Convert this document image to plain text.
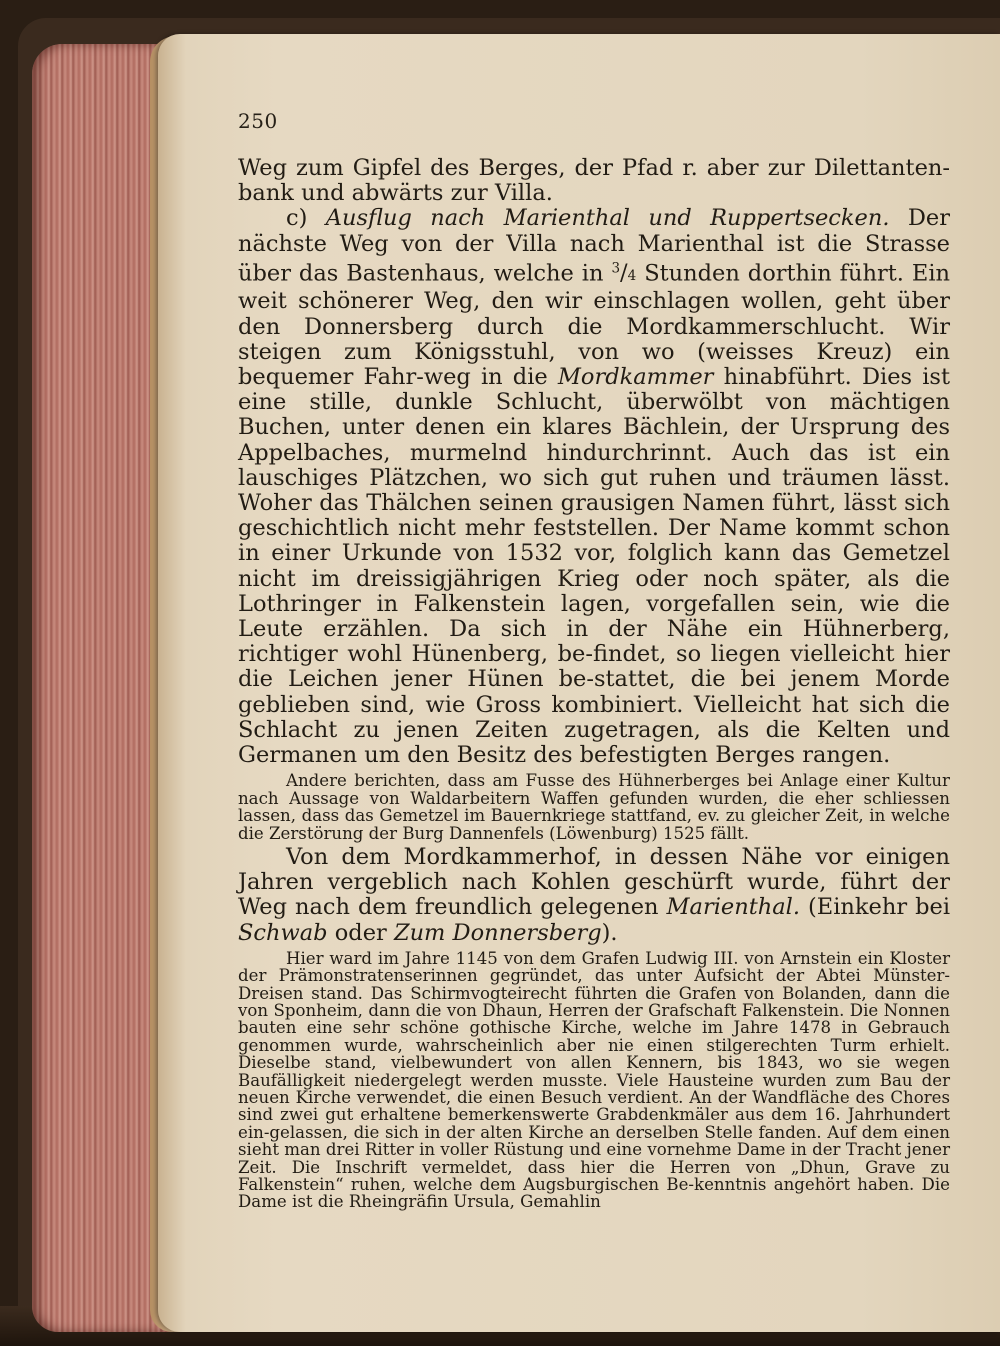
250

Weg zum Gipfel des Berges, der Pfad r. aber zur Dilettanten-bank und abwärts zur Villa.

c) Ausflug nach Marienthal und Ruppertsecken. Der nächste Weg von der Villa nach Marienthal ist die Strasse über das Bastenhaus, welche in $^3$/4 Stunden dorthin führt. Ein weit schönerer Weg, den wir einschlagen wollen, geht über den Donnersberg durch die Mordkammerschlucht. Wir steigen zum Königsstuhl, von wo (weisses Kreuz) ein bequemer Fahr-weg in die Mordkammer hinabführt. Dies ist eine stille, dunkle Schlucht, überwölbt von mächtigen Buchen, unter denen ein klares Bächlein, der Ursprung des Appelbaches, murmelnd hindurchrinnt. Auch das ist ein lauschiges Plätzchen, wo sich gut ruhen und träumen lässt. Woher das Thälchen seinen grausigen Namen führt, lässt sich geschichtlich nicht mehr feststellen. Der Name kommt schon in einer Urkunde von 1532 vor, folglich kann das Gemetzel nicht im dreissigjährigen Krieg oder noch später, als die Lothringer in Falkenstein lagen, vorgefallen sein, wie die Leute erzählen. Da sich in der Nähe ein Hühnerberg, richtiger wohl Hünenberg, be-findet, so liegen vielleicht hier die Leichen jener Hünen be-stattet, die bei jenem Morde geblieben sind, wie Gross kombiniert. Vielleicht hat sich die Schlacht zu jenen Zeiten zugetragen, als die Kelten und Germanen um den Besitz des befestigten Berges rangen.

Andere berichten, dass am Fusse des Hühnerberges bei Anlage einer Kultur nach Aussage von Waldarbeitern Waffen gefunden wurden, die eher schliessen lassen, dass das Gemetzel im Bauernkriege stattfand, ev. zu gleicher Zeit, in welche die Zerstörung der Burg Dannenfels (Löwenburg) 1525 fällt.

Von dem Mordkammerhof, in dessen Nähe vor einigen Jahren vergeblich nach Kohlen geschürft wurde, führt der Weg nach dem freundlich gelegenen Marienthal. (Einkehr bei Schwab oder Zum Donnersberg).

Hier ward im Jahre 1145 von dem Grafen Ludwig III. von Arnstein ein Kloster der Prämonstratenserinnen gegründet, das unter Aufsicht der Abtei Münster-Dreisen stand. Das Schirmvogteirecht führten die Grafen von Bolanden, dann die von Sponheim, dann die von Dhaun, Herren der Grafschaft Falkenstein. Die Nonnen bauten eine sehr schöne gothische Kirche, welche im Jahre 1478 in Gebrauch genommen wurde, wahrscheinlich aber nie einen stilgerechten Turm erhielt. Dieselbe stand, vielbewundert von allen Kennern, bis 1843, wo sie wegen Baufälligkeit niedergelegt werden musste. Viele Hausteine wurden zum Bau der neuen Kirche verwendet, die einen Besuch verdient. An der Wandfläche des Chores sind zwei gut erhaltene bemerkenswerte Grabdenkmäler aus dem 16. Jahrhundert ein-gelassen, die sich in der alten Kirche an derselben Stelle fanden. Auf dem einen sieht man drei Ritter in voller Rüstung und eine vornehme Dame in der Tracht jener Zeit. Die Inschrift vermeldet, dass hier die Herren von „Dhun, Grave zu Falkenstein“ ruhen, welche dem Augsburgischen Be-kenntnis angehört haben. Die Dame ist die Rheingräfin Ursula, Gemahlin
